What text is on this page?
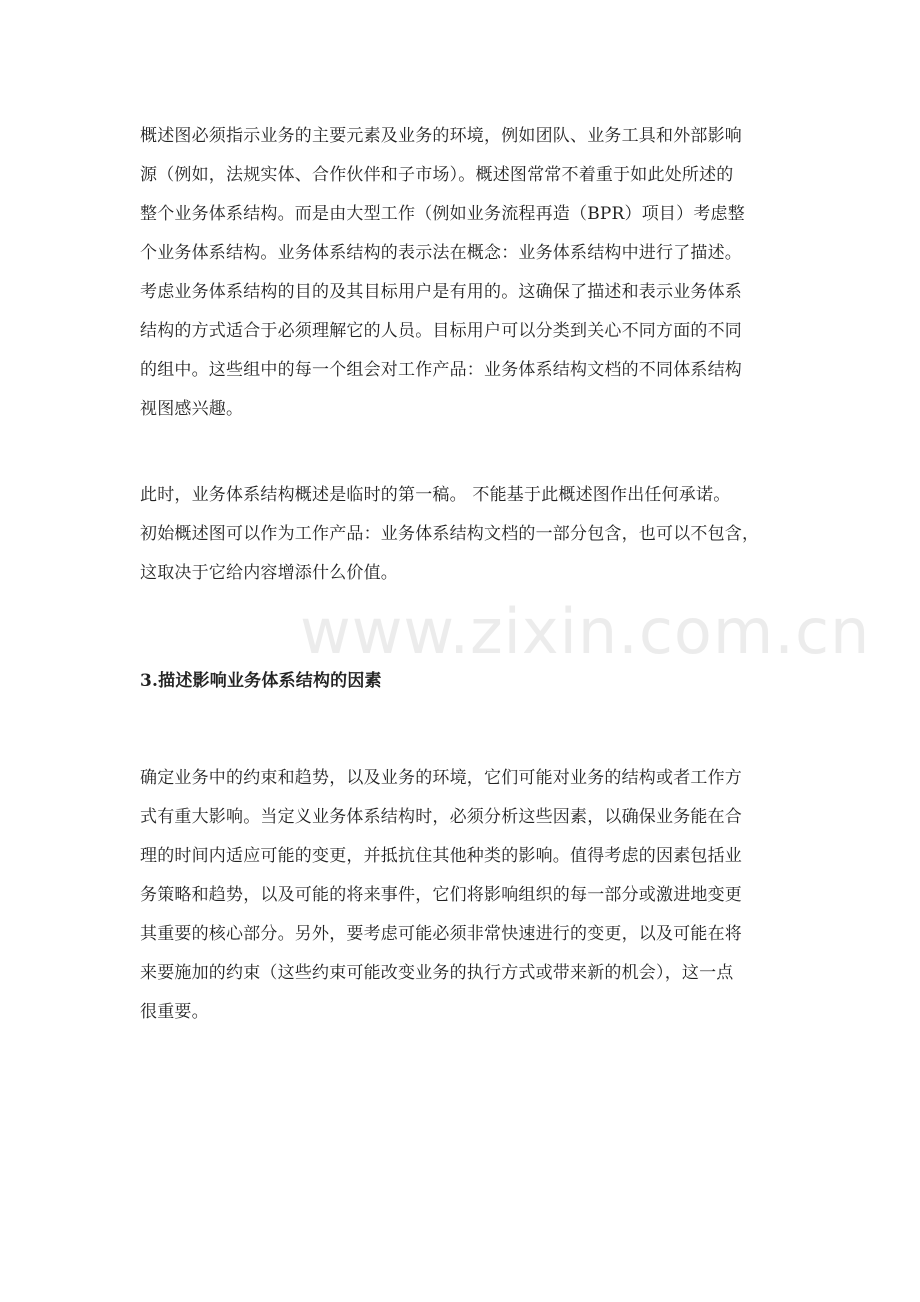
概述图必须指示业务的主要元素及业务的环境，例如团队、业务工具和外部影响
源（例如，法规实体、合作伙伴和子市场）。概述图常常不着重于如此处所述的
整个业务体系结构。而是由大型工作（例如业务流程再造（BPR）项目）考虑整
个业务体系结构。业务体系结构的表示法在概念：业务体系结构中进行了描述。
考虑业务体系结构的目的及其目标用户是有用的。这确保了描述和表示业务体系
结构的方式适合于必须理解它的人员。目标用户可以分类到关心不同方面的不同
的组中。这些组中的每一个组会对工作产品：业务体系结构文档的不同体系结构
视图感兴趣。
此时，业务体系结构概述是临时的第一稿。 不能基于此概述图作出任何承诺。
初始概述图可以作为工作产品：业务体系结构文档的一部分包含，也可以不包含，
这取决于它给内容增添什么价值。
3.描述影响业务体系结构的因素
确定业务中的约束和趋势，以及业务的环境，它们可能对业务的结构或者工作方
式有重大影响。当定义业务体系结构时，必须分析这些因素，以确保业务能在合
理的时间内适应可能的变更，并抵抗住其他种类的影响。值得考虑的因素包括业
务策略和趋势，以及可能的将来事件，它们将影响组织的每一部分或激进地变更
其重要的核心部分。另外，要考虑可能必须非常快速进行的变更，以及可能在将
来要施加的约束（这些约束可能改变业务的执行方式或带来新的机会），这一点
很重要。
www.zixin.com.cn
